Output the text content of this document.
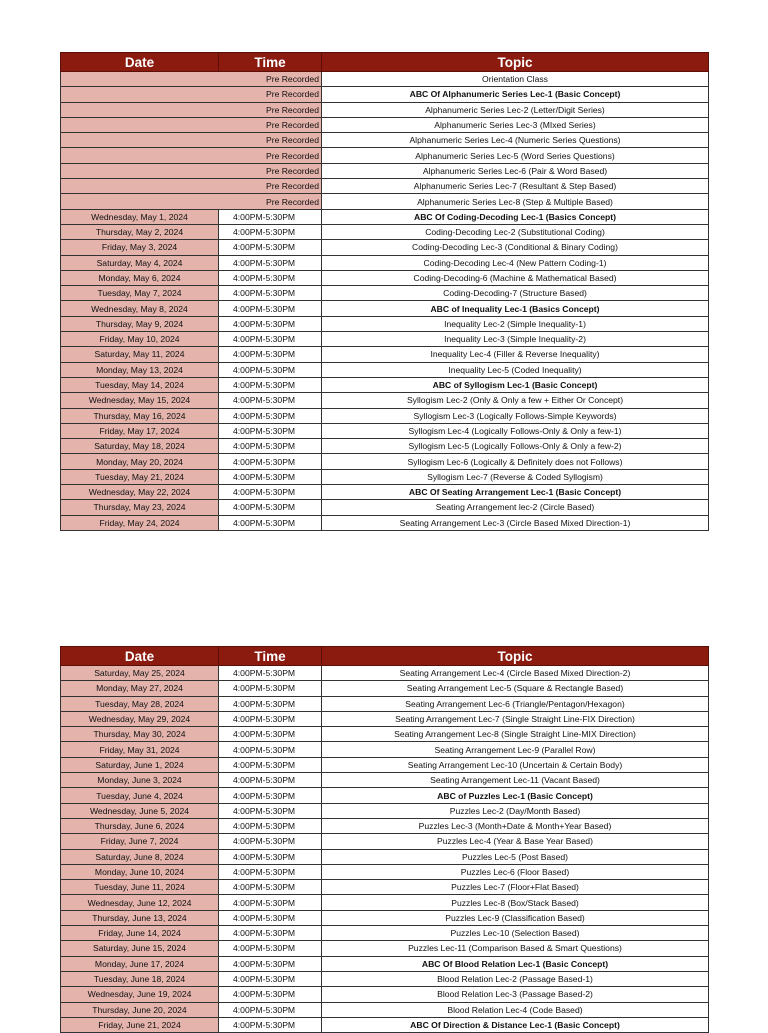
Date	Time	Topic
Pre Recorded		Orientation Class
Pre Recorded		ABC Of Alphanumeric Series Lec-1 (Basic Concept)
Pre Recorded		Alphanumeric Series Lec-2 (Letter/Digit Series)
Pre Recorded		Alphanumeric Series Lec-3 (MIxed Series)
Pre Recorded		Alphanumeric Series Lec-4 (Numeric Series Questions)
Pre Recorded		Alphanumeric Series Lec-5 (Word Series Questions)
Pre Recorded		Alphanumeric Series Lec-6 (Pair & Word Based)
Pre Recorded		Alphanumeric Series Lec-7 (Resultant & Step Based)
Pre Recorded		Alphanumeric Series Lec-8 (Step & Multiple Based)
Wednesday, May 1, 2024	4:00PM-5:30PM	ABC Of Coding-Decoding Lec-1 (Basics Concept)
Thursday, May 2, 2024	4:00PM-5:30PM	Coding-Decoding Lec-2 (Substitutional Coding)
Friday, May 3, 2024	4:00PM-5:30PM	Coding-Decoding Lec-3 (Conditional & Binary Coding)
Saturday, May 4, 2024	4:00PM-5:30PM	Coding-Decoding Lec-4 (New Pattern Coding-1)
Monday, May 6, 2024	4:00PM-5:30PM	Coding-Decoding-6 (Machine & Mathematical Based)
Tuesday, May 7, 2024	4:00PM-5:30PM	Coding-Decoding-7 (Structure Based)
Wednesday, May 8, 2024	4:00PM-5:30PM	ABC of Inequality Lec-1 (Basics Concept)
Thursday, May 9, 2024	4:00PM-5:30PM	Inequality Lec-2 (Simple Inequality-1)
Friday, May 10, 2024	4:00PM-5:30PM	Inequality Lec-3 (Simple Inequality-2)
Saturday, May 11, 2024	4:00PM-5:30PM	Inequality Lec-4 (Filler & Reverse Inequality)
Monday, May 13, 2024	4:00PM-5:30PM	Inequality Lec-5 (Coded Inequality)
Tuesday, May 14, 2024	4:00PM-5:30PM	ABC of Syllogism Lec-1 (Basic Concept)
Wednesday, May 15, 2024	4:00PM-5:30PM	Syllogism Lec-2 (Only & Only a few + Either Or Concept)
Thursday, May 16, 2024	4:00PM-5:30PM	Syllogism Lec-3 (Logically Follows-Simple Keywords)
Friday, May 17, 2024	4:00PM-5:30PM	Syllogism Lec-4 (Logically Follows-Only & Only a few-1)
Saturday, May 18, 2024	4:00PM-5:30PM	Syllogism Lec-5 (Logically Follows-Only & Only a few-2)
Monday, May 20, 2024	4:00PM-5:30PM	Syllogism Lec-6 (Logically & Definitely does not Follows)
Tuesday, May 21, 2024	4:00PM-5:30PM	Syllogism Lec-7 (Reverse & Coded Syllogism)
Wednesday, May 22, 2024	4:00PM-5:30PM	ABC Of Seating Arrangement Lec-1 (Basic Concept)
Thursday, May 23, 2024	4:00PM-5:30PM	Seating Arrangement lec-2 (Circle Based)
Friday, May 24, 2024	4:00PM-5:30PM	Seating Arrangement Lec-3 (Circle Based Mixed Direction-1)
Date	Time	Topic
Saturday, May 25, 2024	4:00PM-5:30PM	Seating Arrangement Lec-4 (Circle Based Mixed Direction-2)
Monday, May 27, 2024	4:00PM-5:30PM	Seating Arrangement Lec-5 (Square & Rectangle Based)
Tuesday, May 28, 2024	4:00PM-5:30PM	Seating Arrangement Lec-6 (Triangle/Pentagon/Hexagon)
Wednesday, May 29, 2024	4:00PM-5:30PM	Seating Arrangement Lec-7 (Single Straight Line-FIX Direction)
Thursday, May 30, 2024	4:00PM-5:30PM	Seating Arrangement Lec-8 (Single Straight Line-MIX Direction)
Friday, May 31, 2024	4:00PM-5:30PM	Seating Arrangement Lec-9 (Parallel Row)
Saturday, June 1, 2024	4:00PM-5:30PM	Seating Arrangement Lec-10 (Uncertain & Certain Body)
Monday, June 3, 2024	4:00PM-5:30PM	Seating Arrangement Lec-11 (Vacant Based)
Tuesday, June 4, 2024	4:00PM-5:30PM	ABC of Puzzles Lec-1 (Basic Concept)
Wednesday, June 5, 2024	4:00PM-5:30PM	Puzzles Lec-2 (Day/Month Based)
Thursday, June 6, 2024	4:00PM-5:30PM	Puzzles Lec-3 (Month+Date & Month+Year Based)
Friday, June 7, 2024	4:00PM-5:30PM	Puzzles Lec-4 (Year & Base Year Based)
Saturday, June 8, 2024	4:00PM-5:30PM	Puzzles Lec-5 (Post Based)
Monday, June 10, 2024	4:00PM-5:30PM	Puzzles Lec-6 (Floor Based)
Tuesday, June 11, 2024	4:00PM-5:30PM	Puzzles Lec-7 (Floor+Flat Based)
Wednesday, June 12, 2024	4:00PM-5:30PM	Puzzles Lec-8 (Box/Stack Based)
Thursday, June 13, 2024	4:00PM-5:30PM	Puzzles Lec-9 (Classification Based)
Friday, June 14, 2024	4:00PM-5:30PM	Puzzles Lec-10 (Selection Based)
Saturday, June 15, 2024	4:00PM-5:30PM	Puzzles Lec-11 (Comparison Based & Smart Questions)
Monday, June 17, 2024	4:00PM-5:30PM	ABC Of Blood Relation Lec-1 (Basic Concept)
Tuesday, June 18, 2024	4:00PM-5:30PM	Blood Relation Lec-2 (Passage Based-1)
Wednesday, June 19, 2024	4:00PM-5:30PM	Blood Relation Lec-3 (Passage Based-2)
Thursday, June 20, 2024	4:00PM-5:30PM	Blood Relation Lec-4 (Code Based)
Friday, June 21, 2024	4:00PM-5:30PM	ABC Of Direction & Distance Lec-1 (Basic Concept)
